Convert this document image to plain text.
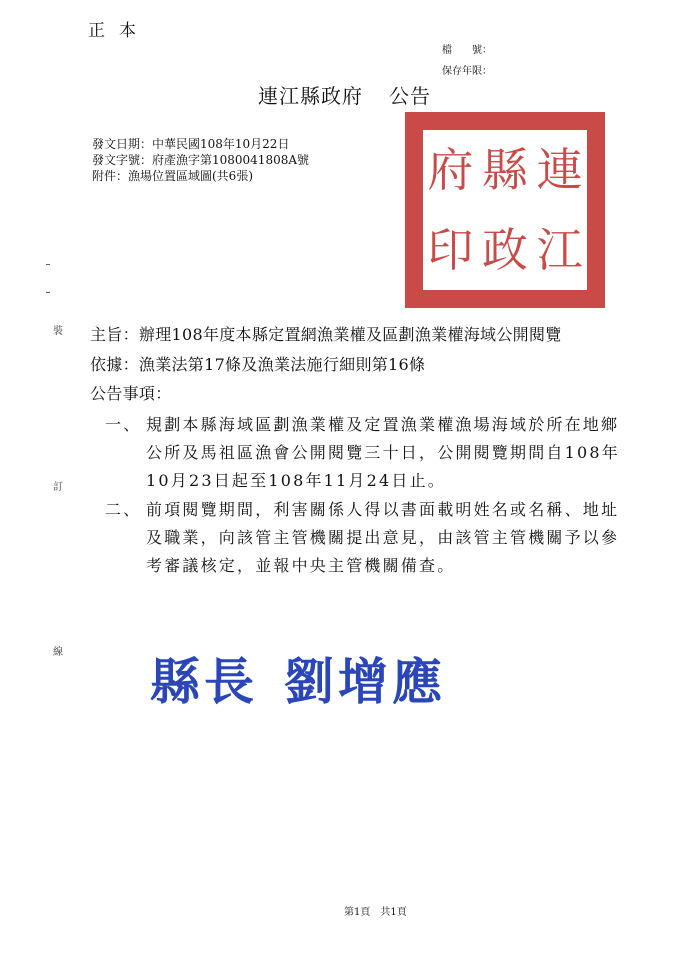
正本
檔　　號：
保存年限：
連江縣政府 公告
發文日期：中華民國108年10月22日
發文字號：府產漁字第1080041808A號
附件：漁場位置區域圖(共6張)	府 縣 連
印 政 江
裝
訂
線
主旨：辦理108年度本縣定置網漁業權及區劃漁業權海域公開閱覽
依據：漁業法第17條及漁業法施行細則第16條
公告事項：
一、 規劃本縣海域區劃漁業權及定置漁業權漁場海域於所在地鄉
公所及馬祖區漁會公開閱覽三十日，公開閱覽期間自108年
10月23日起至108年11月24日止。
二、 前項閱覽期間，利害關係人得以書面載明姓名或名稱、地址
及職業，向該管主管機關提出意見，由該管主管機關予以參
考審議核定，並報中央主管機關備查。
縣長 劉增應
第1頁　共1頁
